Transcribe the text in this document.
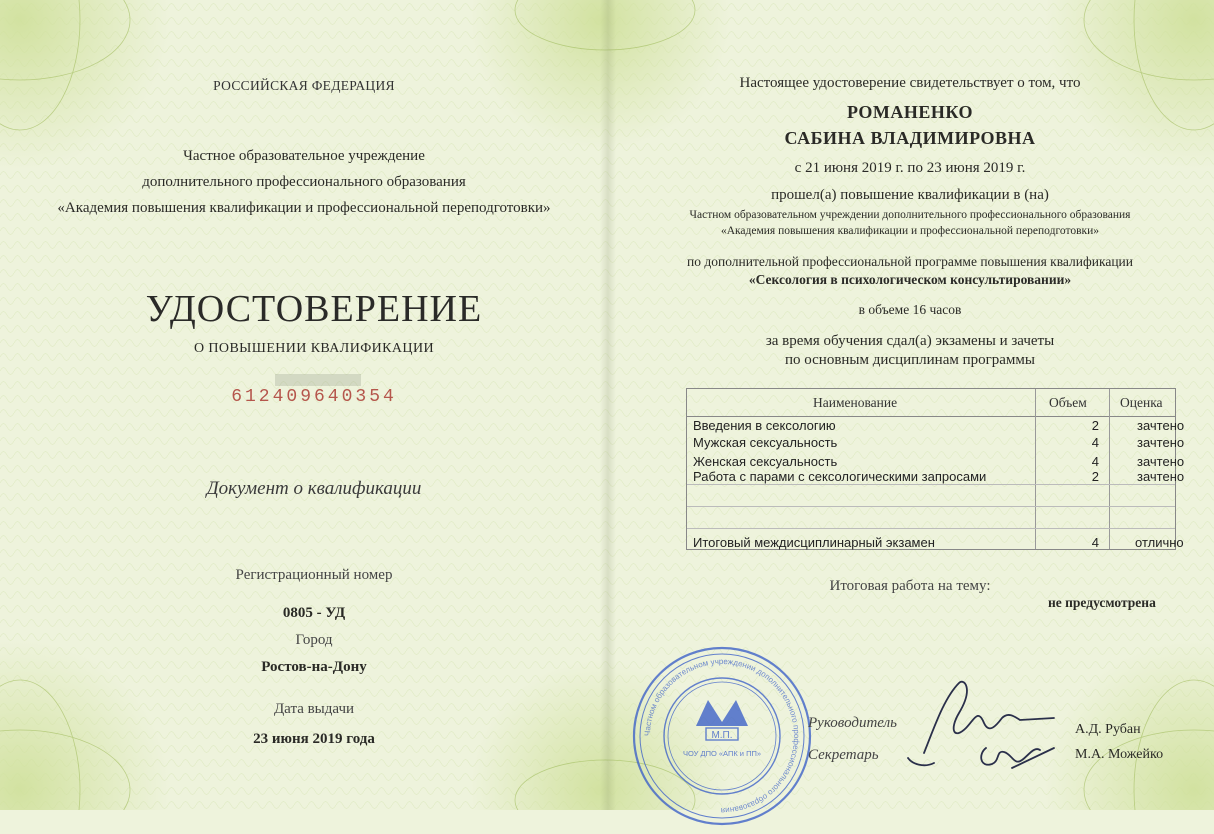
РОССИЙСКАЯ ФЕДЕРАЦИЯ
Частное образовательное учреждение
дополнительного профессионального образования
«Академия повышения квалификации и профессиональной переподготовки»
УДОСТОВЕРЕНИЕ
О ПОВЫШЕНИИ КВАЛИФИКАЦИИ
612409640354
Документ о квалификации
Регистрационный номер
0805 - УД
Город
Ростов-на-Дону
Дата выдачи
23 июня 2019 года
Настоящее удостоверение свидетельствует о том, что
РОМАНЕНКО
САБИНА ВЛАДИМИРОВНА
с 21 июня 2019 г. по 23 июня 2019 г.
прошел(а) повышение квалификации в (на)
Частном образовательном учреждении дополнительного профессионального образования
«Академия повышения квалификации и профессиональной переподготовки»
по дополнительной профессиональной программе повышения квалификации
«Сексология в психологическом консультировании»
в объеме 16 часов
за время обучения сдал(а) экзамены и зачеты
по основным дисциплинам программы
Наименование	Объем Оценка
Введения в сексологию	2	зачтено
Мужская сексуальность	4	зачтено
Женская сексуальность	4	зачтено
Работа с парами с сексологическими запросами	2	зачтено
Итоговый междисциплинарный экзамен	4	отлично
Итоговая работа на тему:
не предусмотрена
М.П.
ЧОУ ДПО «АПК и ПП»
Частном образовательном учреждении дополнительного профессионального образования
Руководитель
Секретарь
А.Д. Рубан
М.А. Можейко
